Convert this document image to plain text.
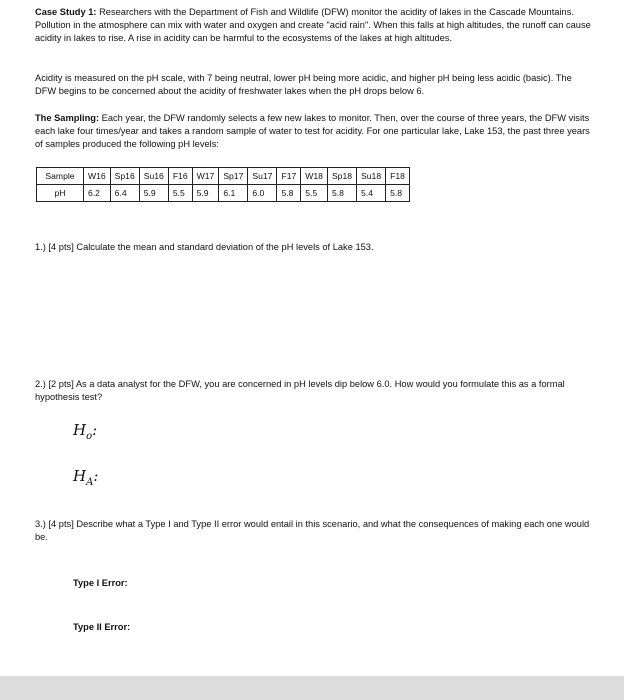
Case Study 1: Researchers with the Department of Fish and Wildlife (DFW) monitor the acidity of lakes in the Cascade Mountains. Pollution in the atmosphere can mix with water and oxygen and create "acid rain". When this falls at high altitudes, the runoff can cause acidity in lakes to rise. A rise in acidity can be harmful to the ecosystems of the lakes at high altitudes.

Acidity is measured on the pH scale, with 7 being neutral, lower pH being more acidic, and higher pH being less acidic (basic). The DFW begins to be concerned about the acidity of freshwater lakes when the pH drops below 6.

The Sampling: Each year, the DFW randomly selects a few new lakes to monitor. Then, over the course of three years, the DFW visits each lake four times/year and takes a random sample of water to test for acidity. For one particular lake, Lake 153, the past three years of samples produced the following pH levels:

Sample	W16	Sp16	Su16	F16	W17	Sp17	Su17	F17	W18	Sp18	Su18	F18
pH	6.2	6.4	5.9	5.5	5.9	6.1	6.0	5.8	5.5	5.8	5.4	5.8

1.) [4 pts] Calculate the mean and standard deviation of the pH levels of Lake 153.

2.) [2 pts] As a data analyst for the DFW, you are concerned in pH levels dip below 6.0. How would you formulate this as a formal hypothesis test?

$H_o$:
$H_A$:

3.) [4 pts] Describe what a Type I and Type II error would entail in this scenario, and what the consequences of making each one would be.

Type I Error:
Type II Error:
